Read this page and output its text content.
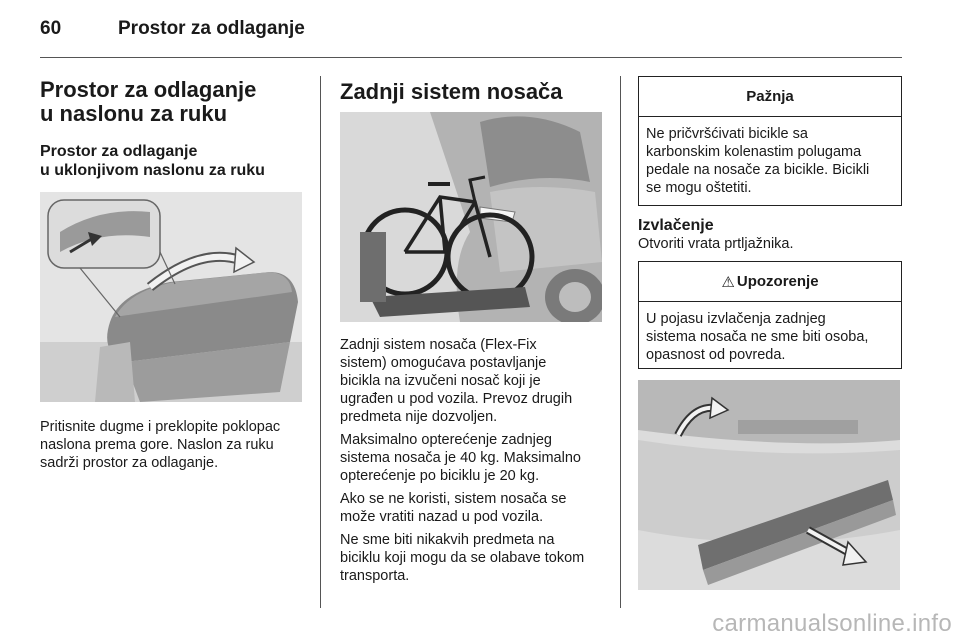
60	Prostor za odlaganje

Prostor za odlaganje

u naslonu za ruku

Prostor za odlaganje

u uklonjivom naslonu za ruku

Pritisnite dugme i preklopite poklopac

naslona prema gore. Naslon za ruku

sadrži prostor za odlaganje.

Zadnji sistem nosača

Zadnji sistem nosača (Flex-Fix

sistem) omogućava postavljanje

bicikla na izvučeni nosač koji je

ugrađen u pod vozila. Prevoz drugih

predmeta nije dozvoljen.

Maksimalno opterećenje zadnjeg

sistema nosača je 40 kg. Maksimalno

opterećenje po biciklu je 20 kg.

Ako se ne koristi, sistem nosača se

može vratiti nazad u pod vozila.

Ne sme biti nikakvih predmeta na

biciklu koji mogu da se olabave tokom

transporta.

Pažnja
Ne pričvršćivati bicikle sa
karbonskim kolenastim polugama
pedale na nosače za bicikle. Bicikli
se mogu oštetiti.

Izvlačenje

Otvoriti vrata prtljažnika.

⚠ Upozorenje
U pojasu izvlačenja zadnjeg
sistema nosača ne sme biti osoba,
opasnost od povreda.
carmanualsonline.info
